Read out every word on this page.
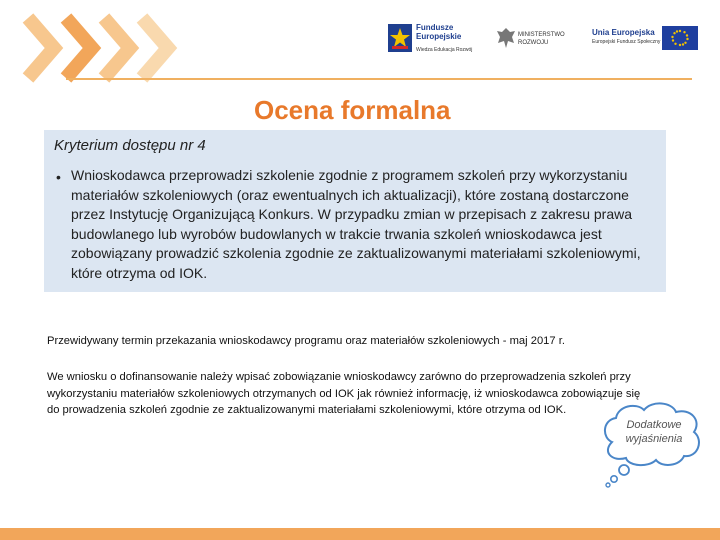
Fundusze Europejskie
Wiedza Edukacja Rozwój
MINISTERSTWO
ROZWOJU
Unia Europejska
Europejski Fundusz Społeczny
Ocena formalna
Kryterium dostępu nr 4
• Wnioskodawca przeprowadzi szkolenie zgodnie z programem szkoleń przy wykorzystaniu materiałów szkoleniowych (oraz ewentualnych ich aktualizacji), które zostaną dostarczone przez Instytucję Organizującą Konkurs. W przypadku zmian w przepisach z zakresu prawa budowlanego lub wyrobów budowlanych w trakcie trwania szkoleń wnioskodawca jest zobowiązany prowadzić szkolenia zgodnie ze zaktualizowanymi materiałami szkoleniowymi, które otrzyma od IOK.
Przewidywany termin przekazania wnioskodawcy programu oraz materiałów szkoleniowych - maj 2017 r.
We wniosku o dofinansowanie należy wpisać zobowiązanie wnioskodawcy zarówno do przeprowadzenia szkoleń przy wykorzystaniu materiałów szkoleniowych otrzymanych od IOK jak również informację, iż wnioskodawca zobowiązuje się do prowadzenia szkoleń zgodnie ze zaktualizowanymi materiałami szkoleniowymi, które otrzyma od IOK.
Dodatkowe
wyjaśnienia
